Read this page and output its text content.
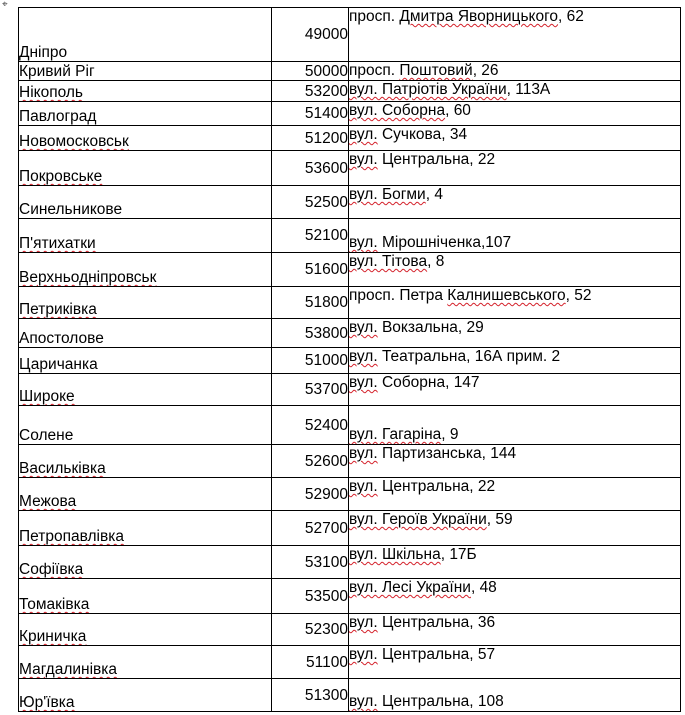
⌖
Дніпро	49000	просп. Дмитра Яворницького, 62
Кривий Ріг	50000	просп. Поштовий, 26
Нікополь	53200	вул. Патріотів України, 113А
Павлоград	51400	вул. Соборна, 60
Новомосковськ	51200	вул. Сучкова, 34
Покровське	53600	вул. Центральна, 22
Синельникове	52500	вул. Богми, 4
П'ятихатки	52100	вул. Мірошніченка,107
Верхньодніпровськ	51600	вул. Тітова, 8
Петриківка	51800	просп. Петра Калнишевського, 52
Апостолове	53800	вул. Вокзальна, 29
Царичанка	51000	вул. Театральна, 16А прим. 2
Широке	53700	вул. Соборна, 147
Солене	52400	вул. Гагаріна, 9
Васильківка	52600	вул. Партизанська, 144
Межова	52900	вул. Центральна, 22
Петропавлівка	52700	вул. Героїв України, 59
Софіївка	53100	вул. Шкільна, 17Б
Томаківка	53500	вул. Лесі України, 48
Криничка	52300	вул. Центральна, 36
Магдалинівка	51100	вул. Центральна, 57
Юр'ївка	51300	вул. Центральна, 108
